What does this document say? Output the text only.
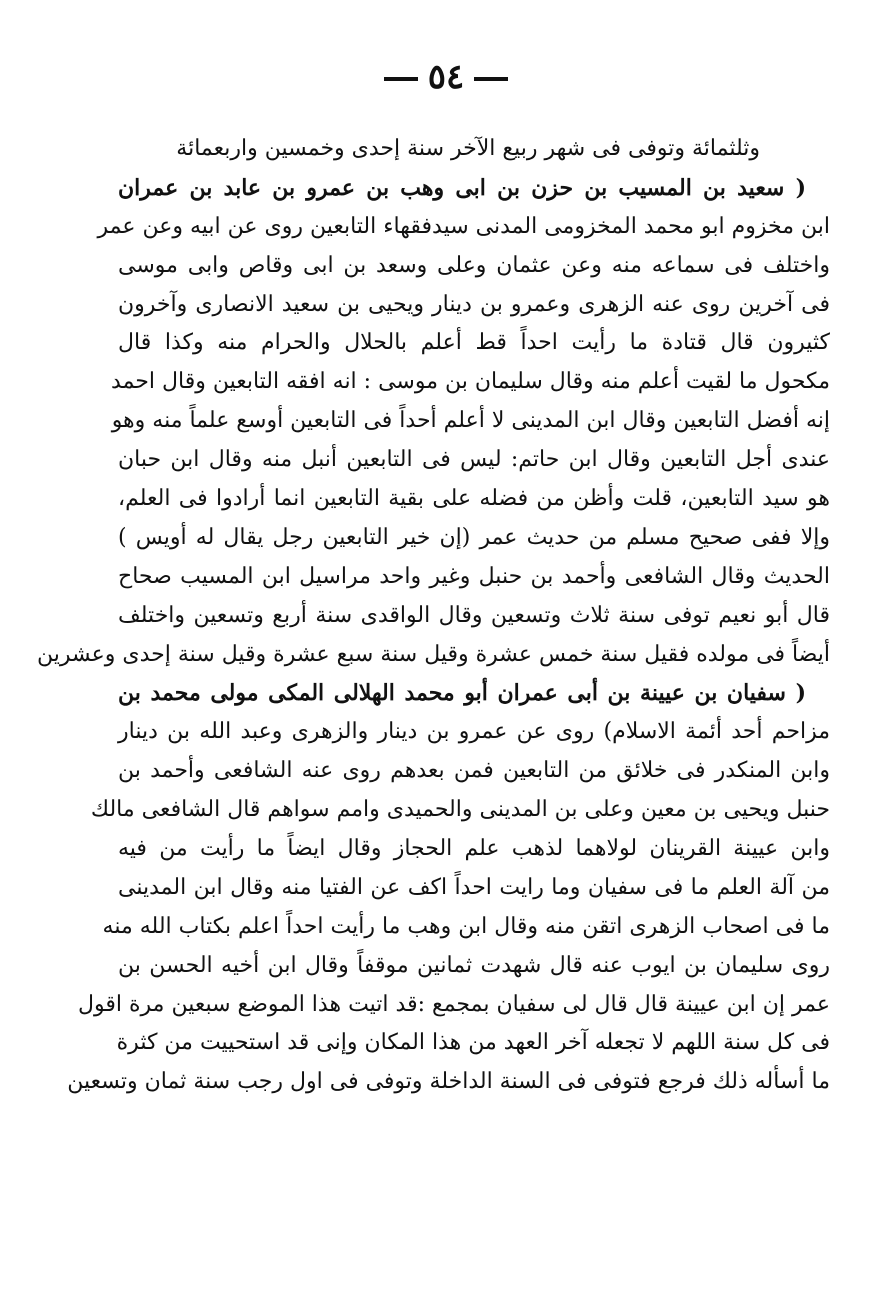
٥٤
وثلثمائة وتوفى فى شهر ربيع الآخر سنة إحدى وخمسين واربعمائة
( سعيد بن المسيب بن حزن بن ابى وهب بن عمرو بن عابد بن عمران
ابن مخزوم ابو محمد المخزومى المدنى سيدفقهاء التابعين روى عن ابيه وعن عمر
واختلف فى سماعه منه وعن عثمان وعلى وسعد بن ابى وقاص وابى موسى
فى آخرين روى عنه الزهرى وعمرو بن دينار ويحيى بن سعيد الانصارى وآخرون
كثيرون قال قتادة ما رأيت احداً قط أعلم بالحلال والحرام منه وكذا قال
مكحول ما لقيت أعلم منه وقال سليمان بن موسى : انه افقه التابعين وقال احمد
إنه أفضل التابعين وقال ابن المدينى لا أعلم أحداً فى التابعين أوسع علماً منه وهو
عندى أجل التابعين وقال ابن حاتم: ليس فى التابعين أنبل منه وقال ابن حبان
هو سيد التابعين، قلت وأظن من فضله على بقية التابعين انما أرادوا فى العلم،
وإلا ففى صحيح مسلم من حديث عمر (إن خير التابعين رجل يقال له أويس )
الحديث وقال الشافعى وأحمد بن حنبل وغير واحد مراسيل ابن المسيب صحاح
قال أبو نعيم توفى سنة ثلاث وتسعين وقال الواقدى سنة أربع وتسعين واختلف
أيضاً فى مولده فقيل سنة خمس عشرة وقيل سنة سبع عشرة وقيل سنة إحدى وعشرين
( سفيان بن عيينة بن أبى عمران أبو محمد الهلالى المكى مولى محمد بن
مزاحم أحد أئمة الاسلام) روى عن عمرو بن دينار والزهرى وعبد الله بن دينار
وابن المنكدر فى خلائق من التابعين فمن بعدهم روى عنه الشافعى وأحمد بن
حنبل ويحيى بن معين وعلى بن المدينى والحميدى وامم سواهم قال الشافعى مالك
وابن عيينة القرينان لولاهما لذهب علم الحجاز وقال ايضاً ما رأيت من فيه
من آلة العلم ما فى سفيان وما رايت احداً اكف عن الفتيا منه وقال ابن المدينى
ما فى اصحاب الزهرى اتقن منه وقال ابن وهب ما رأيت احداً اعلم بكتاب الله منه
روى سليمان بن ايوب عنه قال شهدت ثمانين موقفاً وقال ابن أخيه الحسن بن
عمر إن ابن عيينة قال قال لى سفيان بمجمع :قد اتيت هذا الموضع سبعين مرة اقول
فى كل سنة اللهم لا تجعله آخر العهد من هذا المكان وإنى قد استحييت من كثرة
ما أسأله ذلك فرجع فتوفى فى السنة الداخلة وتوفى فى اول رجب سنة ثمان وتسعين
